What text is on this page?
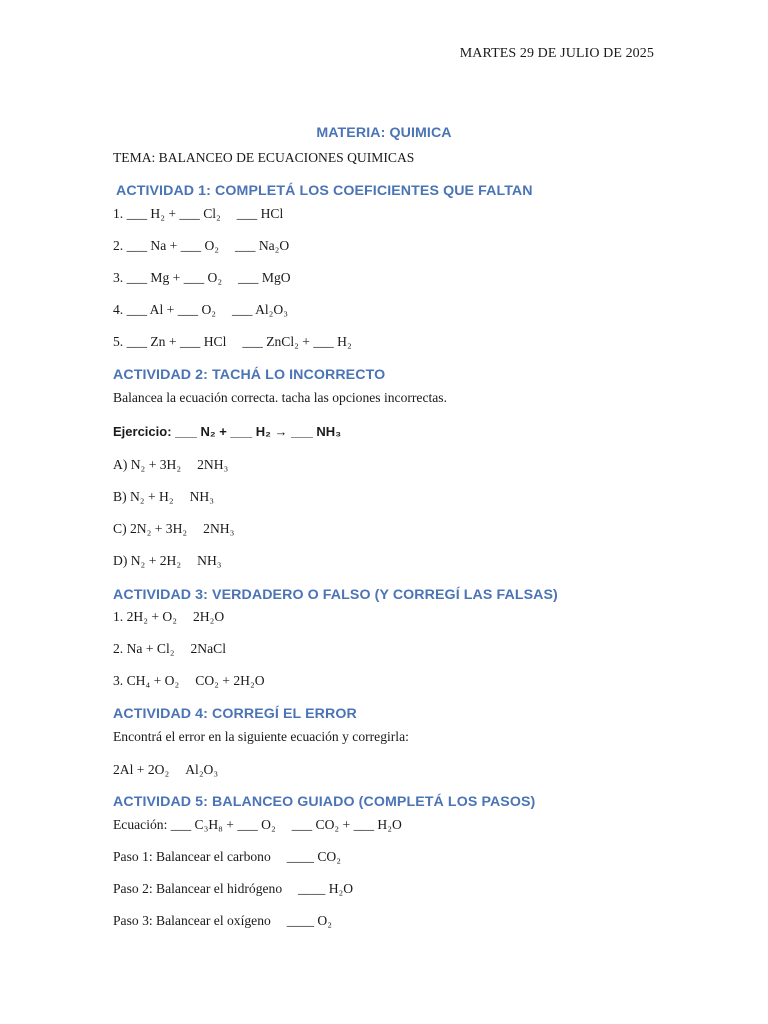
MARTES 29 DE JULIO DE 2025
MATERIA: QUIMICA
TEMA: BALANCEO DE ECUACIONES QUIMICAS
ACTIVIDAD 1: COMPLETÁ LOS COEFICIENTES QUE FALTAN
1. ___ H₂ + ___ Cl₂ ___ HCl
2. ___ Na + ___ O₂ ___ Na₂O
3. ___ Mg + ___ O₂ ___ MgO
4. ___ Al + ___ O₂ ___ Al₂O₃
5. ___ Zn + ___ HCl ___ ZnCl₂ + ___ H₂
ACTIVIDAD 2: TACHÁ LO INCORRECTO
Balancea la ecuación correcta. tacha las opciones incorrectas.
Ejercicio: ___ N₂ + ___ H₂ → ___ NH₃
A) N₂ + 3H₂ 2NH₃
B) N₂ + H₂ NH₃
C) 2N₂ + 3H₂ 2NH₃
D) N₂ + 2H₂ NH₃
ACTIVIDAD 3: VERDADERO O FALSO (Y CORREGÍ LAS FALSAS)
1. 2H₂ + O₂ 2H₂O
2. Na + Cl₂ 2NaCl
3. CH₄ + O₂ CO₂ + 2H₂O
ACTIVIDAD 4: CORREGÍ EL ERROR
Encontrá el error en la siguiente ecuación y corregirla:
2Al + 2O₂ Al₂O₃
ACTIVIDAD 5: BALANCEO GUIADO (COMPLETÁ LOS PASOS)
Ecuación: ___ C₃H₈ + ___ O₂ ___ CO₂ + ___ H₂O
Paso 1: Balancear el carbono ____ CO₂
Paso 2: Balancear el hidrógeno ____ H₂O
Paso 3: Balancear el oxígeno ____ O₂
